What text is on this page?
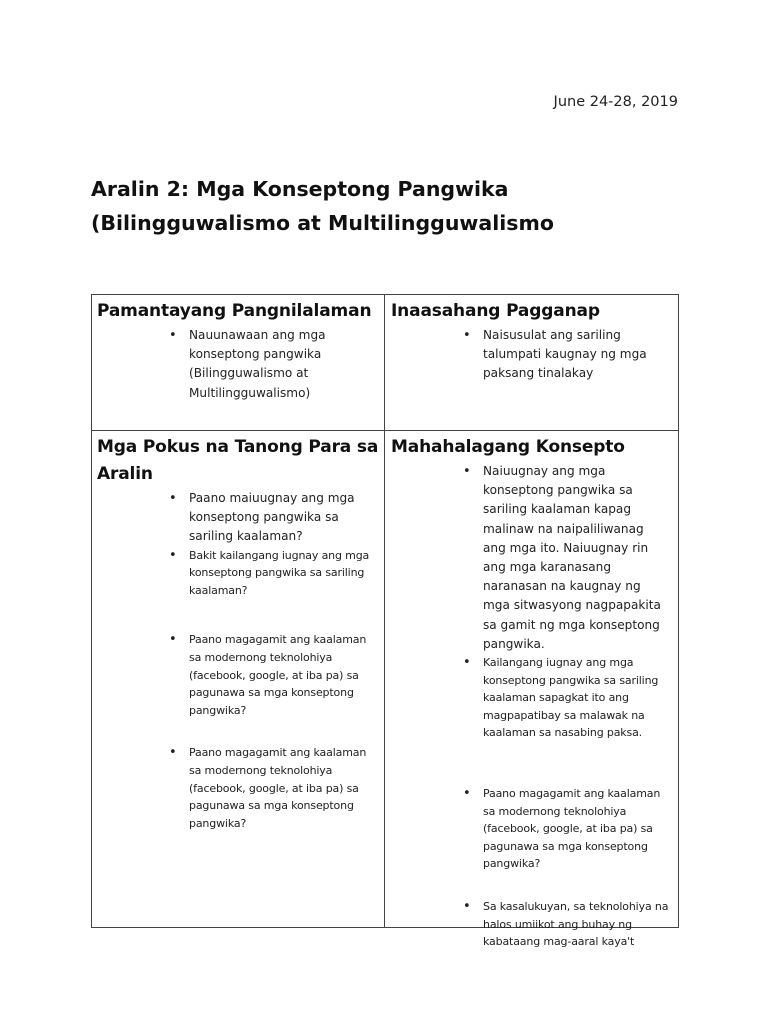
June 24-28, 2019
Aralin 2: Mga Konseptong Pangwika (Bilingguwalismo at Multilingguwalismo
Pamantayang Pangnilalaman
• Nauunawaan ang mga konseptong pangwika (Bilingguwalismo at Multilingguwalismo)
Inaasahang Pagganap
• Naisusulat ang sariling talumpati kaugnay ng mga paksang tinalakay
Mga Pokus na Tanong Para sa Aralin
• Paano maiuugnay ang mga konseptong pangwika sa sariling kaalaman?
• Bakit kailangang iugnay ang mga konseptong pangwika sa sariling kaalaman?
• Paano magagamit ang kaalaman sa modernong teknolohiya (facebook, google, at iba pa) sa pagunawa sa mga konseptong pangwika?
• Paano magagamit ang kaalaman sa modernong teknolohiya (facebook, google, at iba pa) sa pagunawa sa mga konseptong pangwika?
Mahahalagang Konsepto
• Naiuugnay ang mga konseptong pangwika sa sariling kaalaman kapag malinaw na naipaliliwanag ang mga ito. Naiuugnay rin ang mga karanasang naranasan na kaugnay ng mga sitwasyong nagpapakita sa gamit ng mga konseptong pangwika.
• Kailangang iugnay ang mga konseptong pangwika sa sariling kaalaman sapagkat ito ang magpapatibay sa malawak na kaalaman sa nasabing paksa.
• Paano magagamit ang kaalaman sa modernong teknolohiya (facebook, google, at iba pa) sa pagunawa sa mga konseptong pangwika?
• Sa kasalukuyan, sa teknolohiya na halos umiikot ang buhay ng kabataang mag-aaral kaya't
